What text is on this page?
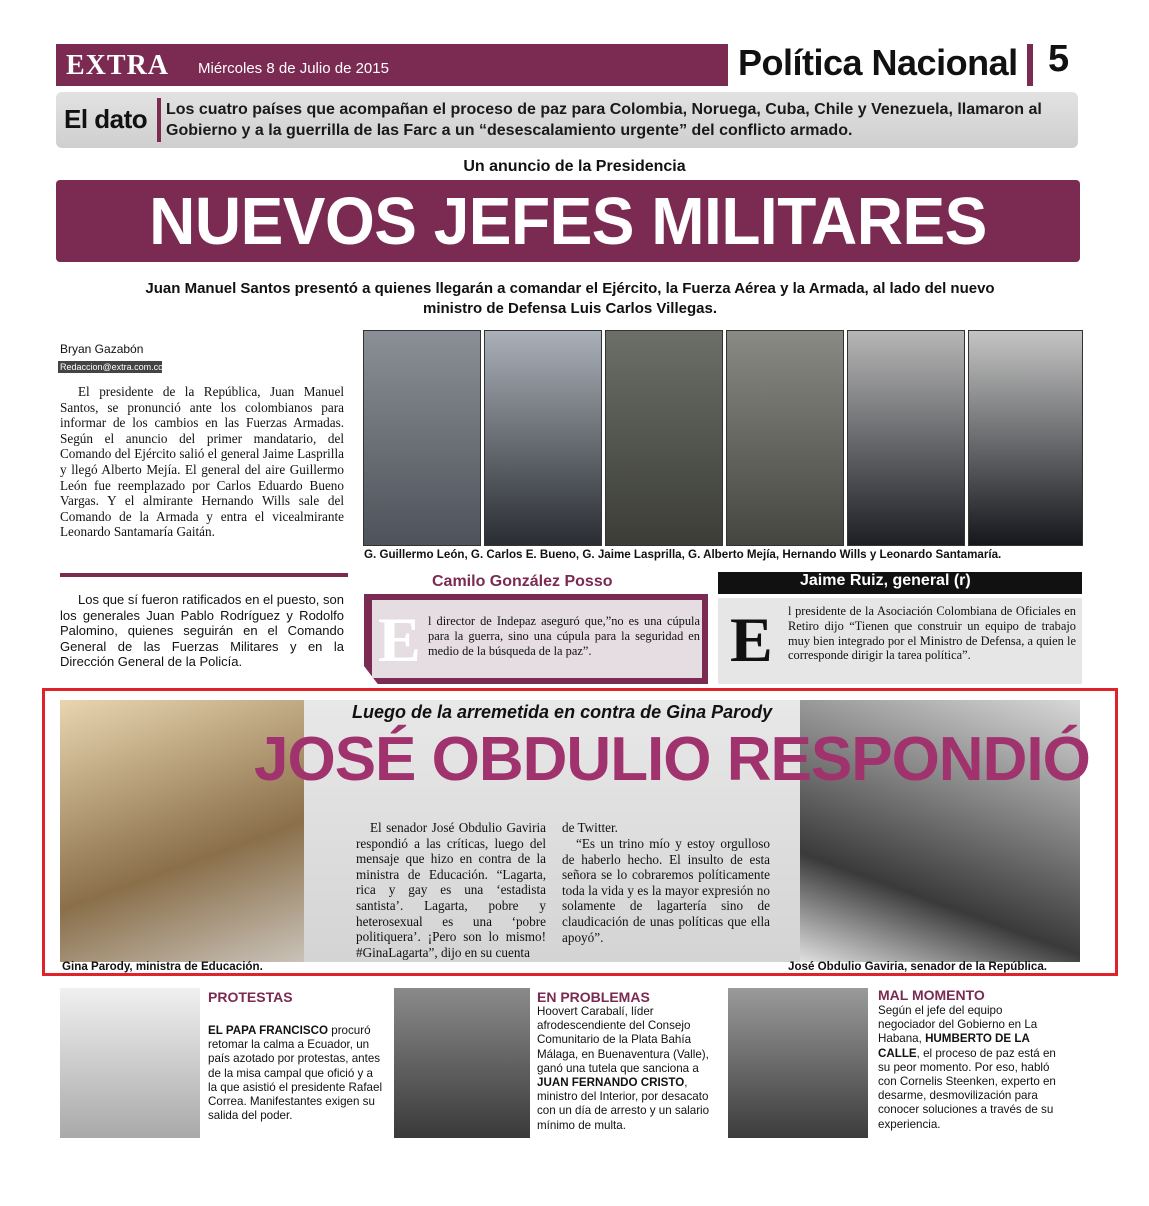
EXTRA Miércoles 8 de Julio de 2015	Política Nacional 5
El dato Los cuatro países que acompañan el proceso de paz para Colombia, Noruega, Cuba, Chile y Venezuela, llamaron al Gobierno y a la guerrilla de las Farc a un “desescalamiento urgente” del conflicto armado.
Un anuncio de la Presidencia
NUEVOS JEFES MILITARES
Juan Manuel Santos presentó a quienes llegarán a comandar el Ejército, la Fuerza Aérea y la Armada, al lado del nuevo ministro de Defensa Luis Carlos Villegas.
Bryan Gazabón
Redaccion@extra.com.co
El presidente de la República, Juan Manuel Santos, se pronunció ante los colombianos para informar de los cambios en las Fuerzas Armadas. Según el anuncio del primer mandatario, del Comando del Ejército salió el general Jaime Lasprilla y llegó Alberto Mejía. El general del aire Guillermo León fue reemplazado por Carlos Eduardo Bueno Vargas. Y el almirante Hernando Wills sale del Comando de la Armada y entra el vicealmirante Leonardo Santamaría Gaitán.
Los que sí fueron ratificados en el puesto, son los generales Juan Pablo Rodríguez y Rodolfo Palomino, quienes seguirán en el Comando General de las Fuerzas Militares y en la Dirección General de la Policía.
G. Guillermo León, G. Carlos E. Bueno, G. Jaime Lasprilla, G. Alberto Mejía, Hernando Wills y Leonardo Santamaría.
Camilo González Posso
E l director de Indepaz aseguró que,”no es una cúpula para la guerra, sino una cúpula para la seguridad en medio de la búsqueda de la paz”.
Jaime Ruiz, general (r)
E l presidente de la Asociación Colombiana de Oficiales en Retiro dijo “Tienen que construir un equipo de trabajo muy bien integrado por el Ministro de Defensa, a quien le corresponde dirigir la tarea política”.
Luego de la arremetida en contra de Gina Parody
JOSÉ OBDULIO RESPONDIÓ
El senador José Obdulio Gaviria respondió a las críticas, luego del mensaje que hizo en contra de la ministra de Educación. “Lagarta, rica y gay es una ‘estadista santista’. Lagarta, pobre y heterosexual es una ‘pobre politiquera’. ¡Pero son lo mismo! #GinaLagarta”, dijo en su cuenta
de Twitter.
“Es un trino mío y estoy orgulloso de haberlo hecho. El insulto de esta señora se lo cobraremos políticamente toda la vida y es la mayor expresión no solamente de lagartería sino de claudicación de unas políticas que ella apoyó”.
Gina Parody, ministra de Educación.	José Obdulio Gaviria, senador de la República.
PROTESTAS
EL PAPA FRANCISCO procuró retomar la calma a Ecuador, un país azotado por protestas, antes de la misa campal que ofició y a la que asistió el presidente Rafael Correa. Manifestantes exigen su salida del poder.
EN PROBLEMAS
Hoovert Carabalí, líder afrodescendiente del Consejo Comunitario de la Plata Bahía Málaga, en Buenaventura (Valle), ganó una tutela que sanciona a JUAN FERNANDO CRISTO, ministro del Interior, por desacato con un día de arresto y un salario mínimo de multa.
MAL MOMENTO
Según el jefe del equipo negociador del Gobierno en La Habana, HUMBERTO DE LA CALLE, el proceso de paz está en su peor momento. Por eso, habló con Cornelis Steenken, experto en desarme, desmovilización para conocer soluciones a través de su experiencia.
